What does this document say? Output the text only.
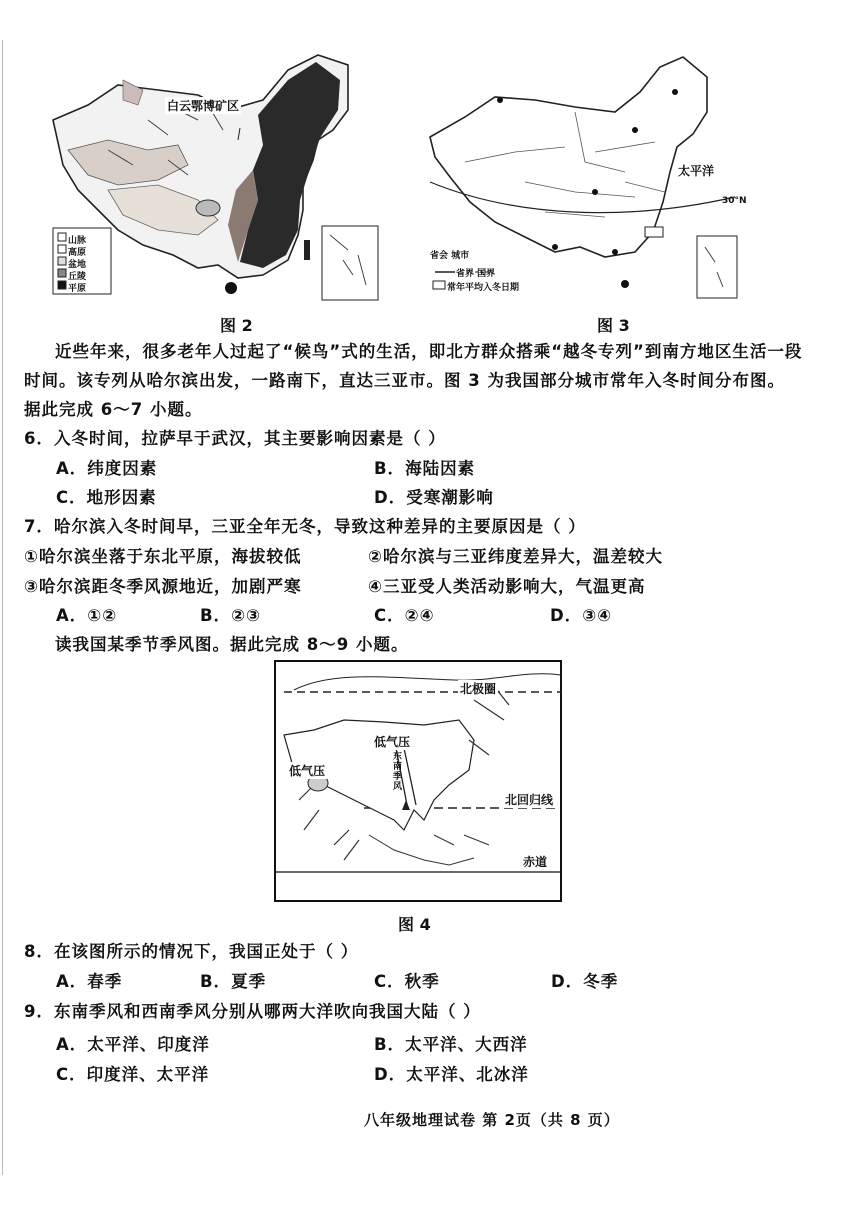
白云鄂博矿区
山脉
高原
盆地
丘陵
平原
图 2
太平洋
30°N
省会 城市
省界 国界
常年平均入冬日期
图 3
近些年来，很多老年人过起了“候鸟”式的生活，即北方群众搭乘“越冬专列”到南方地区生活一段
时间。该专列从哈尔滨出发，一路南下，直达三亚市。图 3 为我国部分城市常年入冬时间分布图。
据此完成 6～7 小题。
6．入冬时间，拉萨早于武汉，其主要影响因素是（ ）
A．纬度因素	B．海陆因素
C．地形因素	D．受寒潮影响
7．哈尔滨入冬时间早，三亚全年无冬，导致这种差异的主要原因是（ ）
①哈尔滨坐落于东北平原，海拔较低	②哈尔滨与三亚纬度差异大，温差较大
③哈尔滨距冬季风源地近，加剧严寒	④三亚受人类活动影响大，气温更高
A．①②	B．②③	C．②④	D．③④
读我国某季节季风图。据此完成 8～9 小题。
北极圈
低气压
低气压
东南季风
北回归线
赤道
图 4
8．在该图所示的情况下，我国正处于（ ）
A．春季	B．夏季	C．秋季	D．冬季
9．东南季风和西南季风分别从哪两大洋吹向我国大陆（ ）
A．太平洋、印度洋	B．太平洋、大西洋
C．印度洋、太平洋	D．太平洋、北冰洋
八年级地理试卷 第 2页（共 8 页）
